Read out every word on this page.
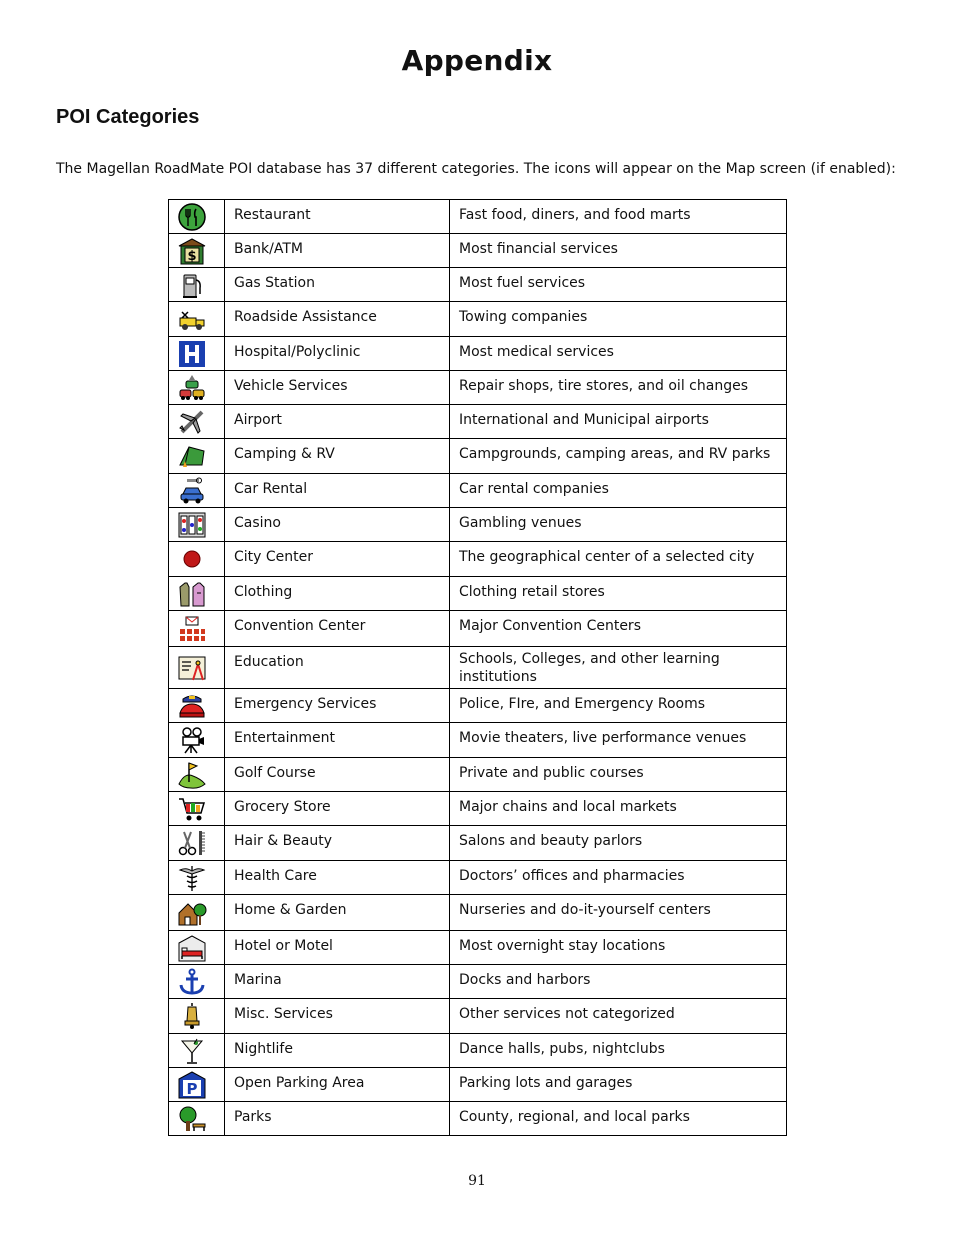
Appendix
POI Categories
The Magellan RoadMate POI database has 37 different categories. The icons will appear on the Map screen (if enabled):
	Restaurant	Fast food, diners, and food marts

$	Bank/ATM	Most financial services

	Gas Station	Most fuel services

	Roadside Assistance	Towing companies

	Hospital/Polyclinic	Most medical services

	Vehicle Services	Repair shops, tire stores, and oil changes

	Airport	International and Municipal airports

	Camping & RV	Campgrounds, camping areas, and RV parks

	Car Rental	Car rental companies

	Casino	Gambling venues

	City Center	The geographical center of a selected city

	Clothing	Clothing retail stores

	Convention Center	Major Convention Centers

	Education	Schools, Colleges, and other learning institutions

	Emergency Services	Police, FIre, and Emergency Rooms

	Entertainment	Movie theaters, live performance venues

	Golf Course	Private and public courses

	Grocery Store	Major chains and local markets

	Hair & Beauty	Salons and beauty parlors

	Health Care	Doctors’ offices and pharmacies

	Home & Garden	Nurseries and do-it-yourself centers

	Hotel or Motel	Most overnight stay locations

	Marina	Docks and harbors

	Misc. Services	Other services not categorized

	Nightlife	Dance halls, pubs, nightclubs

P	Open Parking Area	Parking lots and garages

	Parks	County, regional, and local parks
91
